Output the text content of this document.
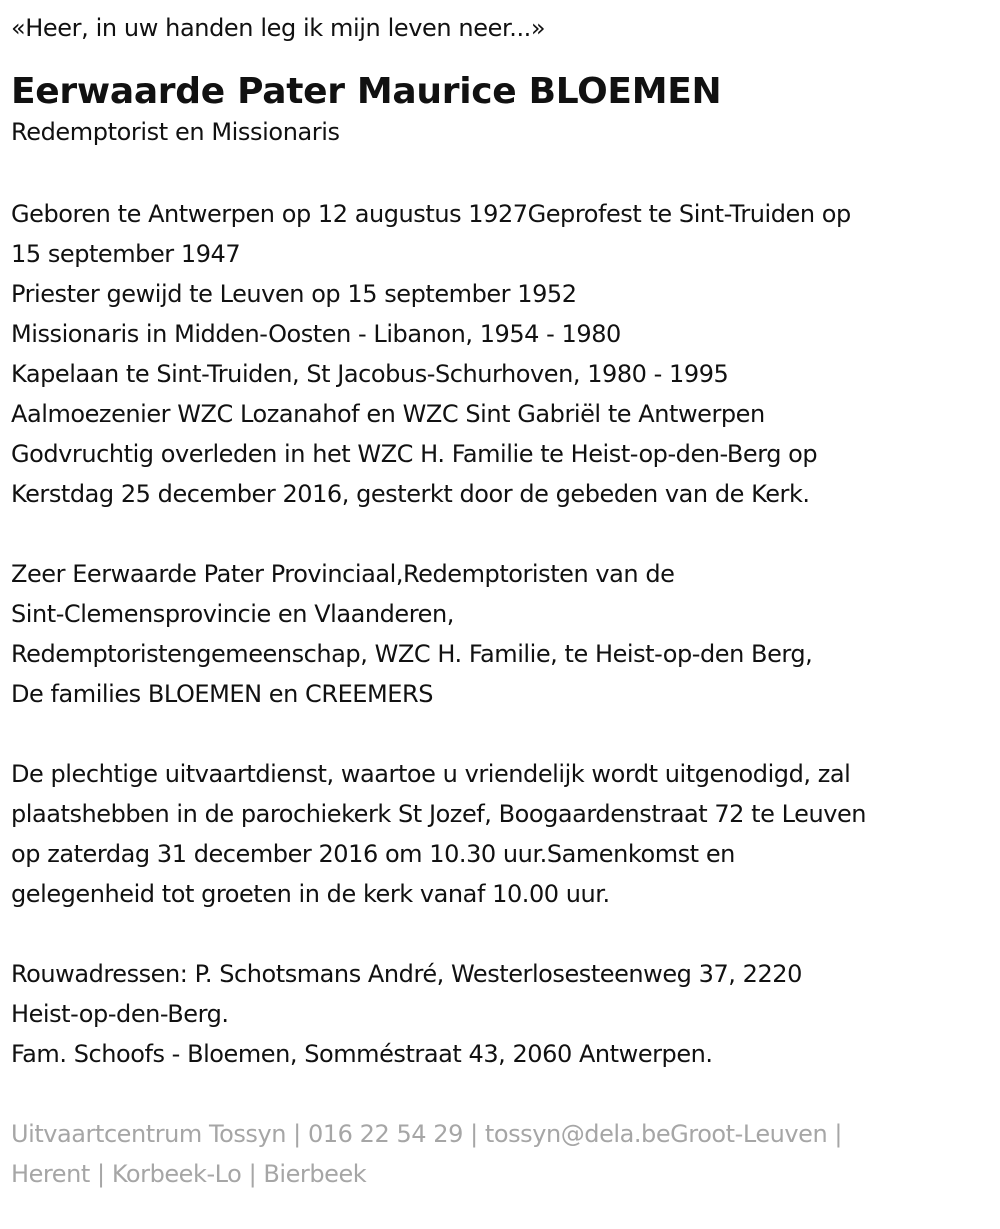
«Heer, in uw handen leg ik mijn leven neer...»

Eerwaarde Pater Maurice BLOEMEN

Redemptorist en Missionaris

Geboren te Antwerpen op 12 augustus 1927Geprofest te Sint-Truiden op
15 september 1947
Priester gewijd te Leuven op 15 september 1952
Missionaris in Midden-Oosten - Libanon, 1954 - 1980
Kapelaan te Sint-Truiden, St Jacobus-Schurhoven, 1980 - 1995
Aalmoezenier WZC Lozanahof en WZC Sint Gabriël te Antwerpen
Godvruchtig overleden in het WZC H. Familie te Heist-op-den-Berg op
Kerstdag 25 december 2016, gesterkt door de gebeden van de Kerk.

Zeer Eerwaarde Pater Provinciaal,Redemptoristen van de
Sint-Clemensprovincie en Vlaanderen,
Redemptoristengemeenschap, WZC H. Familie, te Heist-op-den Berg,
De families BLOEMEN en CREEMERS

De plechtige uitvaartdienst, waartoe u vriendelijk wordt uitgenodigd, zal
plaatshebben in de parochiekerk St Jozef, Boogaardenstraat 72 te Leuven
op zaterdag 31 december 2016 om 10.30 uur.Samenkomst en
gelegenheid tot groeten in de kerk vanaf 10.00 uur.

Rouwadressen: P. Schotsmans André, Westerlosesteenweg 37, 2220
Heist-op-den-Berg.
Fam. Schoofs - Bloemen, Somméstraat 43, 2060 Antwerpen.

Uitvaartcentrum Tossyn | 016 22 54 29 | tossyn@dela.beGroot-Leuven |
Herent | Korbeek-Lo | Bierbeek
